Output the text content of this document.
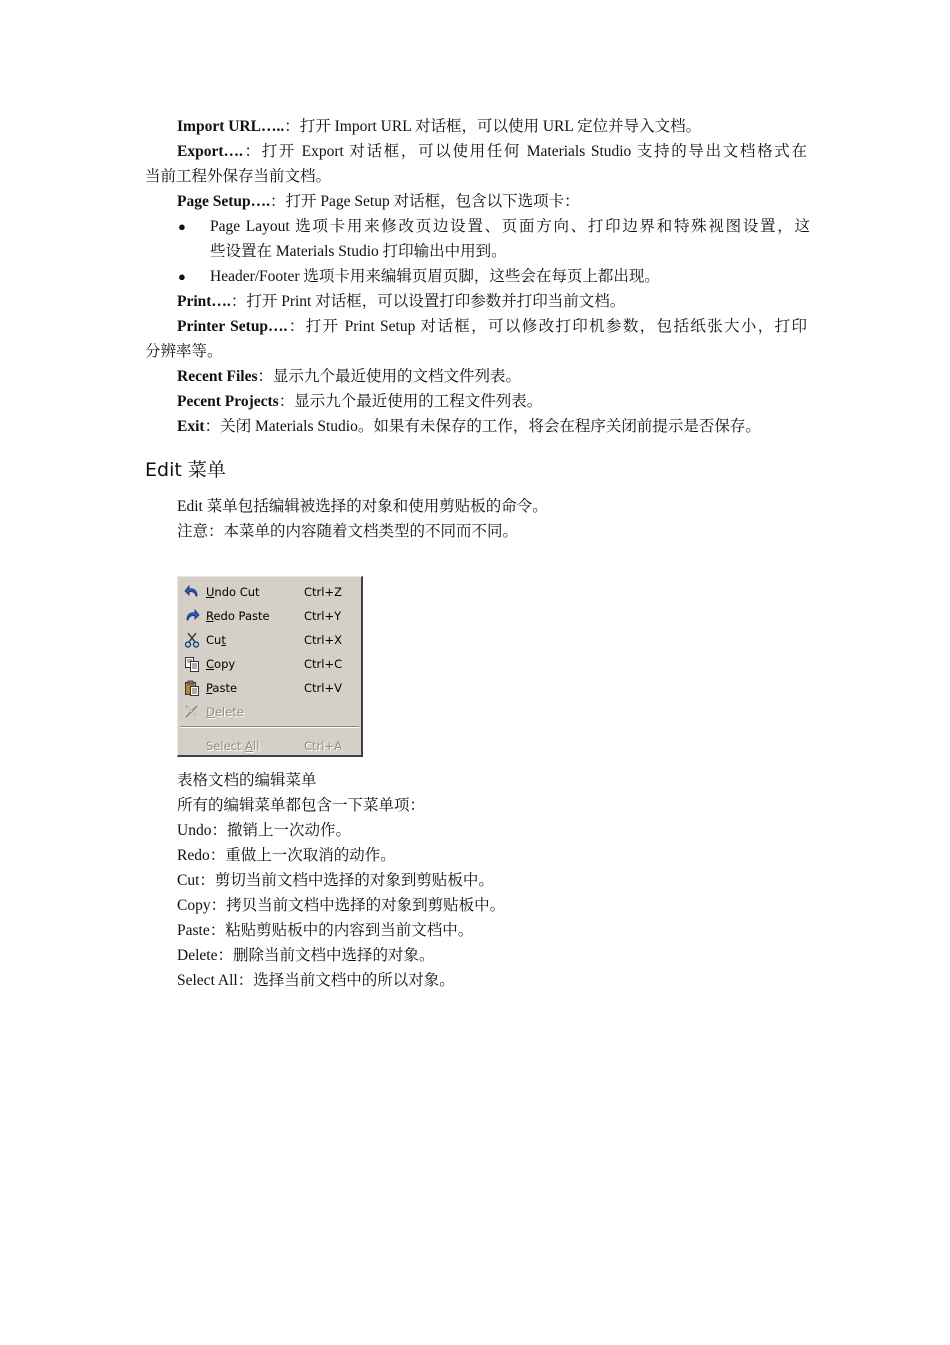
Import URL…..：打开 Import URL 对话框，可以使用 URL 定位并导入文档。
Export….：打开 Export 对话框，可以使用任何 Materials Studio 支持的导出文档格式在
当前工程外保存当前文档。
Page Setup….：打开 Page Setup 对话框，包含以下选项卡：
● Page Layout 选项卡用来修改页边设置、页面方向、打印边界和特殊视图设置，这
些设置在 Materials Studio 打印输出中用到。
● Header/Footer 选项卡用来编辑页眉页脚，这些会在每页上都出现。
Print….：打开 Print 对话框，可以设置打印参数并打印当前文档。
Printer Setup….：打开 Print Setup 对话框，可以修改打印机参数，包括纸张大小，打印
分辨率等。
Recent Files：显示九个最近使用的文档文件列表。
Pecent Projects：显示九个最近使用的工程文件列表。
Exit：关闭 Materials Studio。如果有未保存的工作，将会在程序关闭前提示是否保存。
Edit 菜单
Edit 菜单包括编辑被选择的对象和使用剪贴板的命令。
注意：本菜单的内容随着文档类型的不同而不同。
Undo Cut	Ctrl+Z
Redo Paste	Ctrl+Y
Cut	Ctrl+X
Copy	Ctrl+C
Paste	Ctrl+V
Delete
Select All	Ctrl+A
表格文档的编辑菜单
所有的编辑菜单都包含一下菜单项：
Undo：撤销上一次动作。
Redo：重做上一次取消的动作。
Cut：剪切当前文档中选择的对象到剪贴板中。
Copy：拷贝当前文档中选择的对象到剪贴板中。
Paste：粘贴剪贴板中的内容到当前文档中。
Delete：删除当前文档中选择的对象。
Select All：选择当前文档中的所以对象。
